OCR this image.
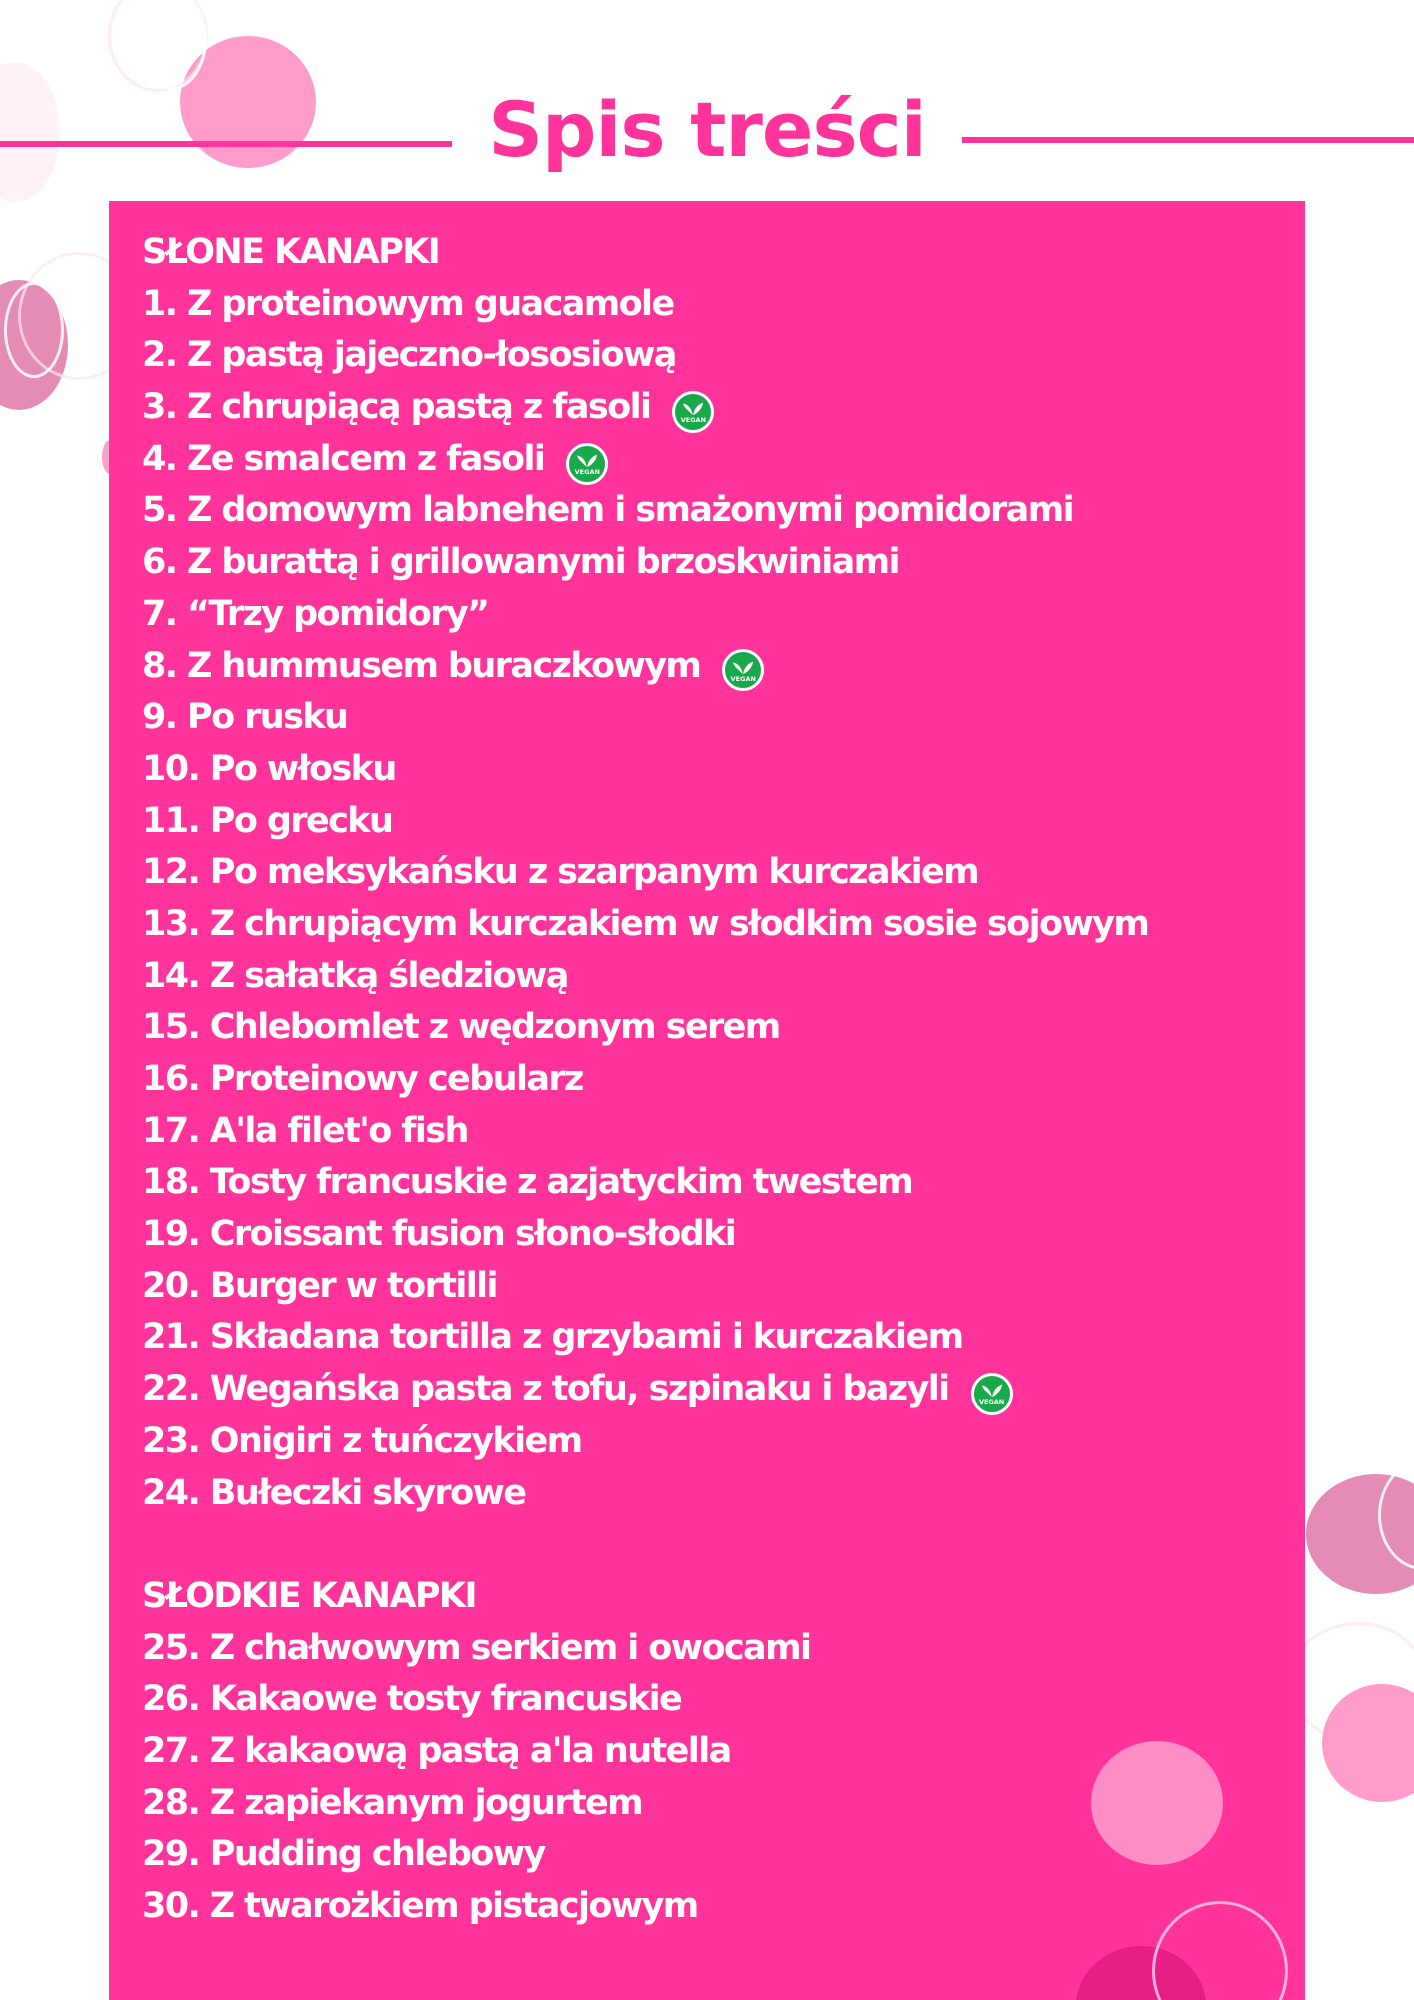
Spis treści
SŁONE KANAPKI
1. Z proteinowym guacamole
2. Z pastą jajeczno-łososiową
3. Z chrupiącą pastą z fasoli	VEGAN
4. Ze smalcem z fasoli	VEGAN
5. Z domowym labnehem i smażonymi pomidorami
6. Z burattą i grillowanymi brzoskwiniami
7. “Trzy pomidory”
8. Z hummusem buraczkowym	VEGAN
9. Po rusku
10. Po włosku
11. Po grecku
12. Po meksykańsku z szarpanym kurczakiem
13. Z chrupiącym kurczakiem w słodkim sosie sojowym
14. Z sałatką śledziową
15. Chlebomlet z wędzonym serem
16. Proteinowy cebularz
17. A'la filet'o fish
18. Tosty francuskie z azjatyckim twestem
19. Croissant fusion słono-słodki
20. Burger w tortilli
21. Składana tortilla z grzybami i kurczakiem
22. Wegańska pasta z tofu, szpinaku i bazyli	VEGAN
23. Onigiri z tuńczykiem
24. Bułeczki skyrowe
SŁODKIE KANAPKI
25. Z chałwowym serkiem i owocami
26. Kakaowe tosty francuskie
27. Z kakaową pastą a'la nutella
28. Z zapiekanym jogurtem
29. Pudding chlebowy
30. Z twarożkiem pistacjowym
